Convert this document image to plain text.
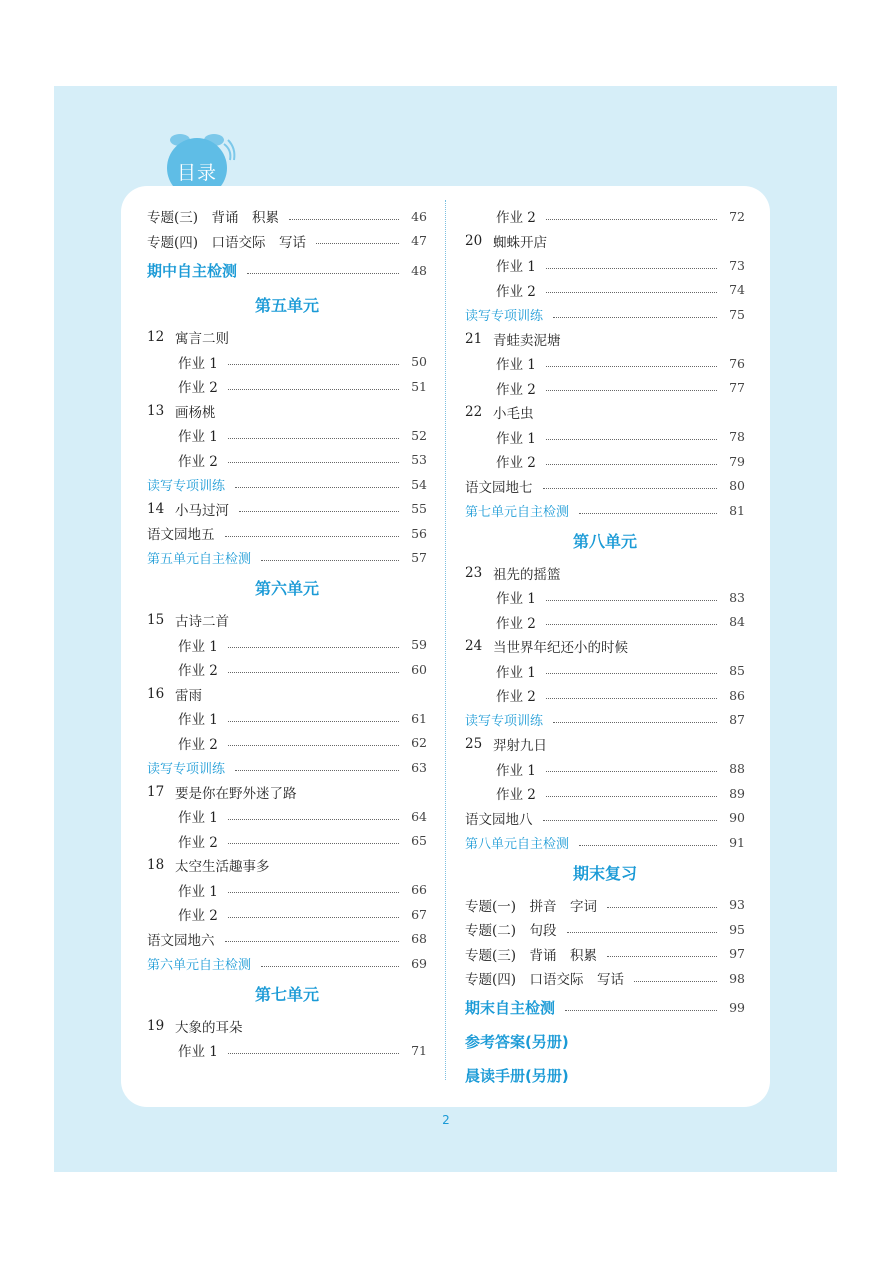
目录
专题(三)　背诵　积累	46
专题(四)　口语交际　写话	47
期中自主检测	48
第五单元
12 寓言二则
作业 1	50
作业 2	51
13 画杨桃
作业 1	52
作业 2	53
读写专项训练	54
14 小马过河	55
语文园地五	56
第五单元自主检测	57
第六单元
15 古诗二首
作业 1	59
作业 2	60
16 雷雨
作业 1	61
作业 2	62
读写专项训练	63
17 要是你在野外迷了路
作业 1	64
作业 2	65
18 太空生活趣事多
作业 1	66
作业 2	67
语文园地六	68
第六单元自主检测	69
第七单元
19 大象的耳朵
作业 1	71
作业 2	72
20 蜘蛛开店
作业 1	73
作业 2	74
读写专项训练	75
21 青蛙卖泥塘
作业 1	76
作业 2	77
22 小毛虫
作业 1	78
作业 2	79
语文园地七	80
第七单元自主检测	81
第八单元
23 祖先的摇篮
作业 1	83
作业 2	84
24 当世界年纪还小的时候
作业 1	85
作业 2	86
读写专项训练	87
25 羿射九日
作业 1	88
作业 2	89
语文园地八	90
第八单元自主检测	91
期末复习
专题(一)　拼音　字词	93
专题(二)　句段	95
专题(三)　背诵　积累	97
专题(四)　口语交际　写话	98
期末自主检测	99
参考答案(另册)
晨读手册(另册)
2
